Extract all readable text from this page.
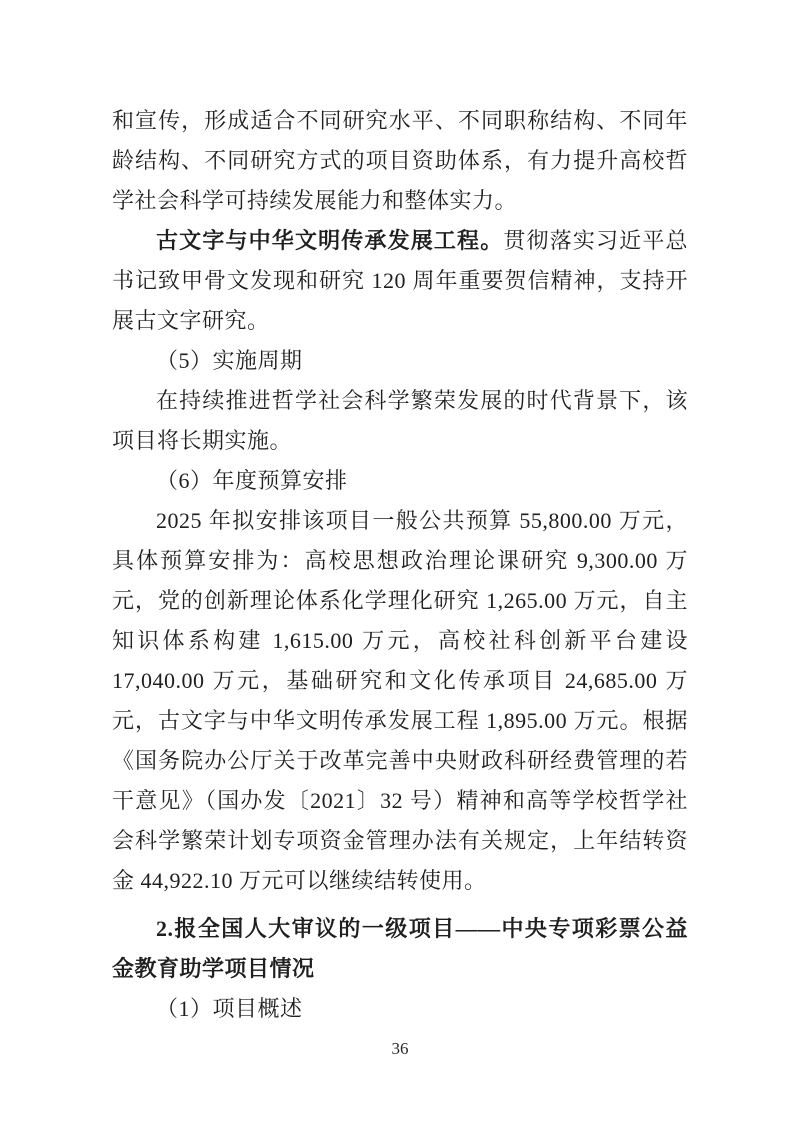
和宣传，形成适合不同研究水平、不同职称结构、不同年龄结构、不同研究方式的项目资助体系，有力提升高校哲学社会科学可持续发展能力和整体实力。

古文字与中华文明传承发展工程。贯彻落实习近平总书记致甲骨文发现和研究 120 周年重要贺信精神，支持开展古文字研究。

（5）实施周期

在持续推进哲学社会科学繁荣发展的时代背景下，该项目将长期实施。

（6）年度预算安排

2025 年拟安排该项目一般公共预算 55,800.00 万元，具体预算安排为：高校思想政治理论课研究 9,300.00 万元，党的创新理论体系化学理化研究 1,265.00 万元，自主知识体系构建 1,615.00 万元，高校社科创新平台建设 17,040.00 万元，基础研究和文化传承项目 24,685.00 万元，古文字与中华文明传承发展工程 1,895.00 万元。根据《国务院办公厅关于改革完善中央财政科研经费管理的若干意见》（国办发〔2021〕32 号）精神和高等学校哲学社会科学繁荣计划专项资金管理办法有关规定，上年结转资金 44,922.10 万元可以继续结转使用。

2.报全国人大审议的一级项目——中央专项彩票公益金教育助学项目情况

（1）项目概述

36
